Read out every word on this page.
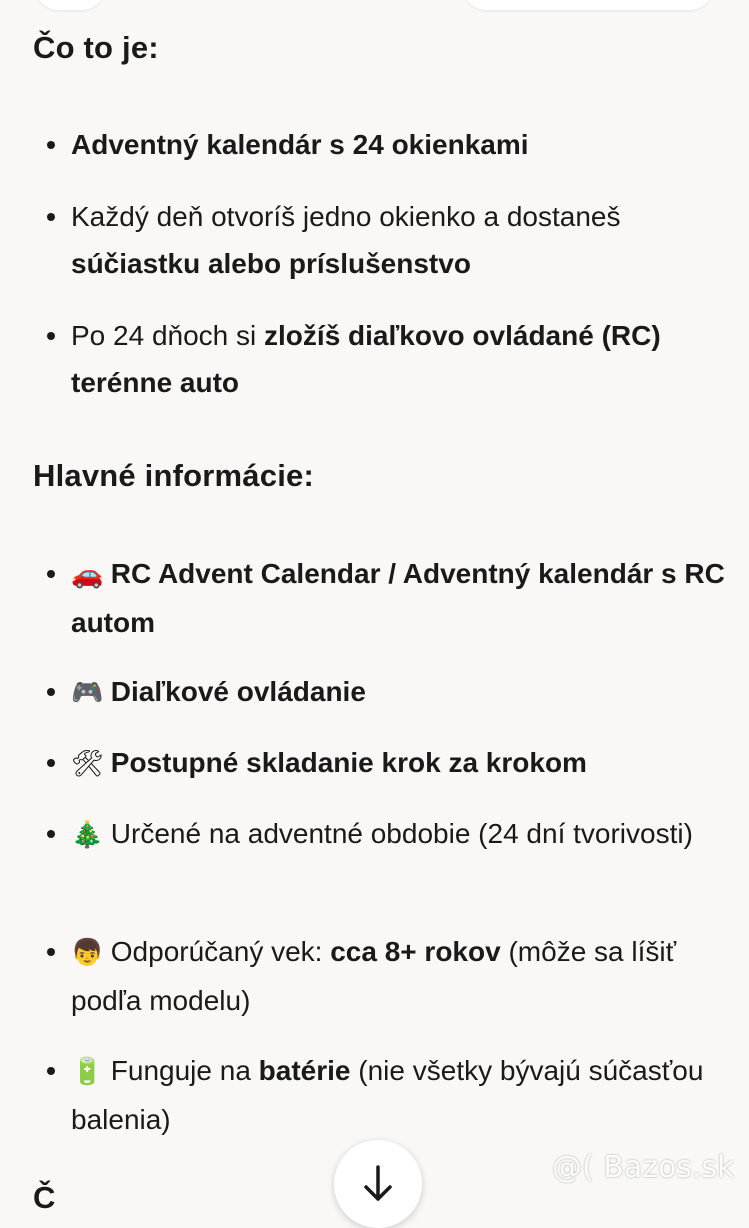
Čo to je:
Adventný kalendár s 24 okienkami
Každý deň otvoríš jedno okienko a dostaneš súčiastku alebo príslušenstvo
Po 24 dňoch si zložíš diaľkovo ovládané (RC) terénne auto
Hlavné informácie:
🚗 RC Advent Calendar / Adventný kalendár s RC autom
🎮 Diaľkové ovládanie
🛠 Postupné skladanie krok za krokom
🎄 Určené na adventné obdobie (24 dní tvorivosti)
👦 Odporúčaný vek: cca 8+ rokov (môže sa líšiť podľa modelu)
🔋 Funguje na batérie (nie všetky bývajú súčasťou balenia)
Č
@( Bazos.sk
